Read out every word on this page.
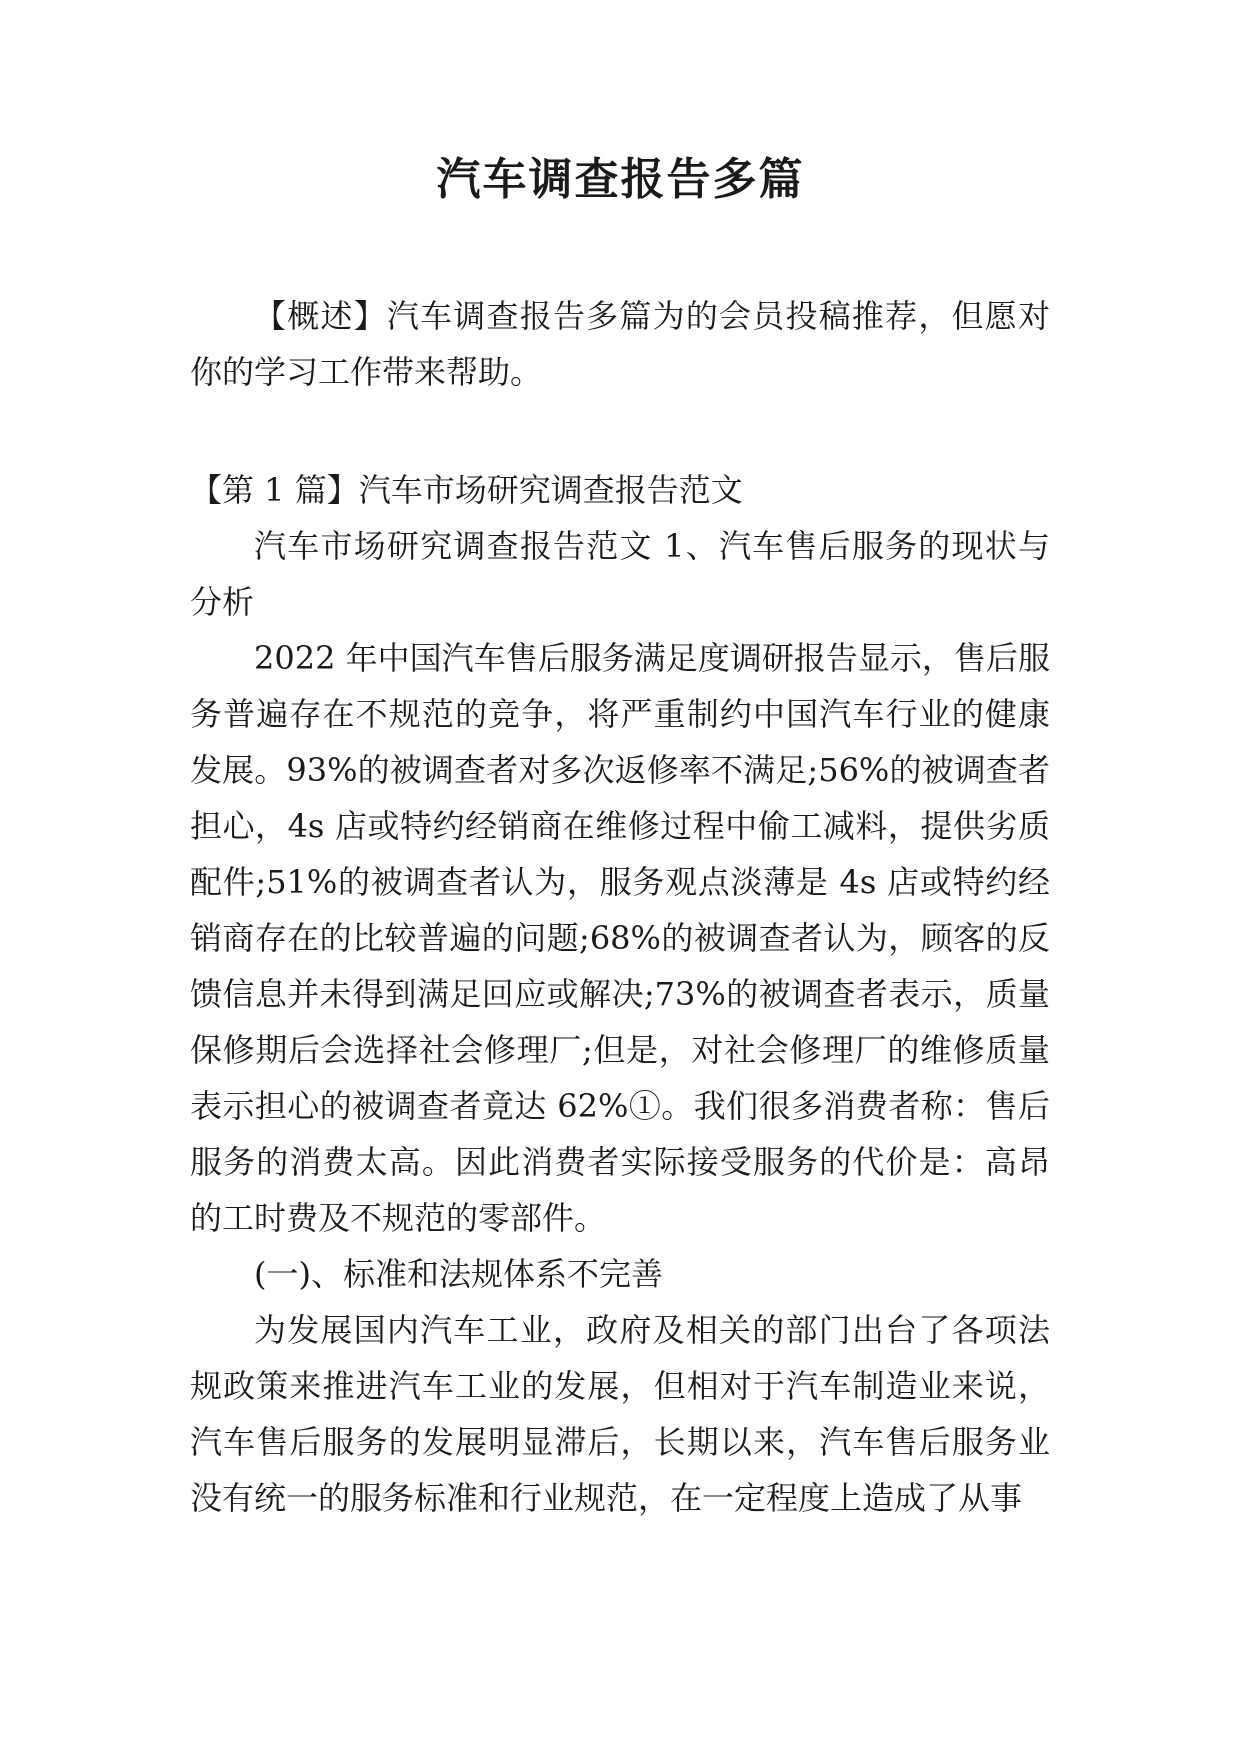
汽车调查报告多篇

【概述】汽车调查报告多篇为的会员投稿推荐，但愿对你的学习工作带来帮助。

【第 1 篇】汽车市场研究调查报告范文

汽车市场研究调查报告范文 1、汽车售后服务的现状与分析

2022 年中国汽车售后服务满足度调研报告显示，售后服务普遍存在不规范的竞争，将严重制约中国汽车行业的健康发展。93%的被调查者对多次返修率不满足;56%的被调查者担心，4s 店或特约经销商在维修过程中偷工减料，提供劣质配件;51%的被调查者认为，服务观点淡薄是 4s 店或特约经销商存在的比较普遍的问题;68%的被调查者认为，顾客的反馈信息并未得到满足回应或解决;73%的被调查者表示，质量保修期后会选择社会修理厂;但是，对社会修理厂的维修质量表示担心的被调查者竟达 62%①。我们很多消费者称：售后服务的消费太高。因此消费者实际接受服务的代价是：高昂的工时费及不规范的零部件。

(一)、标准和法规体系不完善

为发展国内汽车工业，政府及相关的部门出台了各项法规政策来推进汽车工业的发展，但相对于汽车制造业来说，汽车售后服务的发展明显滞后，长期以来，汽车售后服务业没有统一的服务标准和行业规范，在一定程度上造成了从事
